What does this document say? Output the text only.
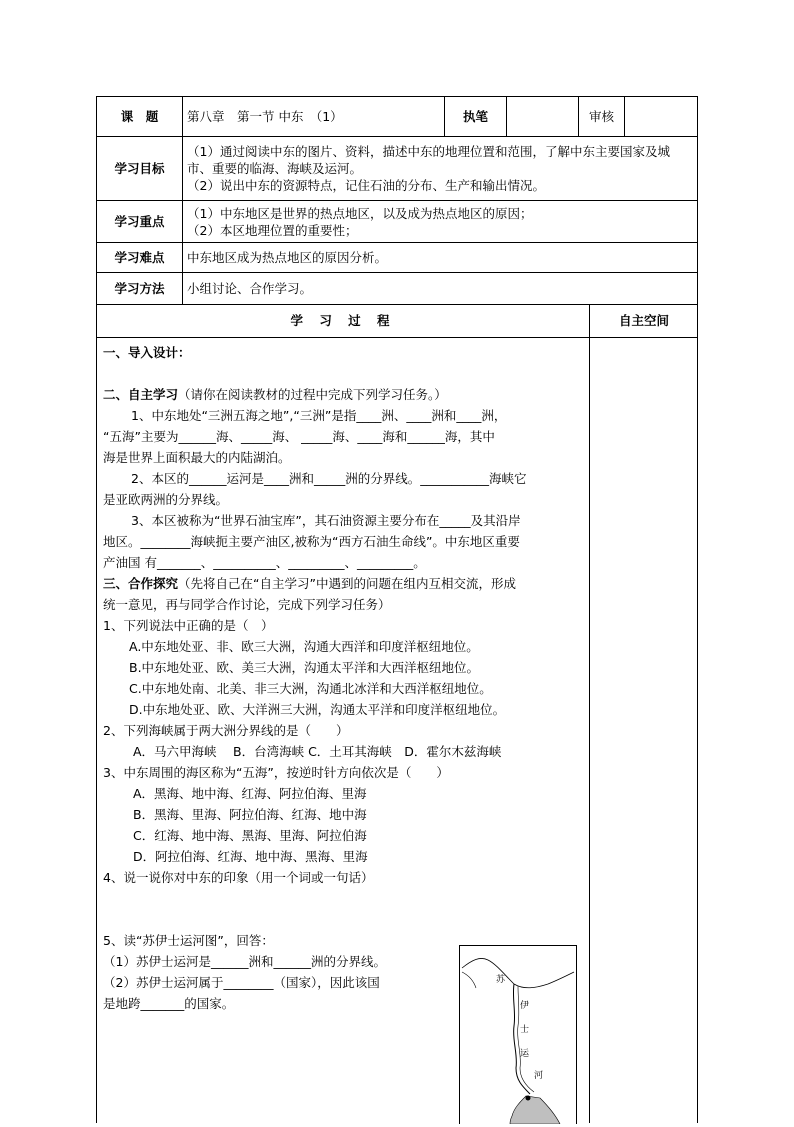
课　题	第八章　第一节 中东　（1）	执笔		审核	
学习目标	（1）通过阅读中东的图片、资料，描述中东的地理位置和范围，了解中东主要国家及城市、重要的临海、海峡及运河。
（2）说出中东的资源特点，记住石油的分布、生产和输出情况。				

学习重点	（1）中东地区是世界的热点地区，以及成为热点地区的原因；
（2）本区地理位置的重要性；				

学习难点	中东地区成为热点地区的原因分析。				
学习方法	小组讨论、合作学习。				
学 习 过 程	自主空间

一、导入设计：

二、自主学习（请你在阅读教材的过程中完成下列学习任务。）

1、中东地处“三洲五海之地”,“三洲”是指____洲、____洲和____洲，

“五海”主要为______海、_____海、 _____海、____海和______海，其中

海是世界上面积最大的内陆湖泊。

2、本区的______运河是____洲和_____洲的分界线。___________海峡它

是亚欧两洲的分界线。

3、本区被称为“世界石油宝库”，其石油资源主要分布在_____及其沿岸

地区。________海峡扼主要产油区,被称为“西方石油生命线”。中东地区重要

产油国 有_______、__________、_________、_________。

三、合作探究（先将自己在“自主学习”中遇到的问题在组内互相交流，形成

统一意见，再与同学合作讨论，完成下列学习任务）

1、下列说法中正确的是（　）

A.中东地处亚、非、欧三大洲，沟通大西洋和印度洋枢纽地位。

B.中东地处亚、欧、美三大洲，沟通太平洋和大西洋枢纽地位。

C.中东地处南、北美、非三大洲，沟通北冰洋和大西洋枢纽地位。

D.中东地处亚、欧、大洋洲三大洲，沟通太平洋和印度洋枢纽地位。

2、下列海峡属于两大洲分界线的是（　　）

A．马六甲海峡　 B．台湾海峡 C．土耳其海峡　D．霍尔木兹海峡

3、中东周围的海区称为“五海”，按逆时针方向依次是（　　）

A．黑海、地中海、红海、阿拉伯海、里海

B．黑海、里海、阿拉伯海、红海、地中海

C．红海、地中海、黑海、里海、阿拉伯海

D．阿拉伯海、红海、地中海、黑海、里海

4、说一说你对中东的印象（用一个词或一句话）

5、读“苏伊士运河图”，回答：

（1）苏伊士运河是______洲和______洲的分界线。

（2）苏伊士运河属于________（国家），因此该国

是地跨_______的国家。

苏
伊
士
运
河
